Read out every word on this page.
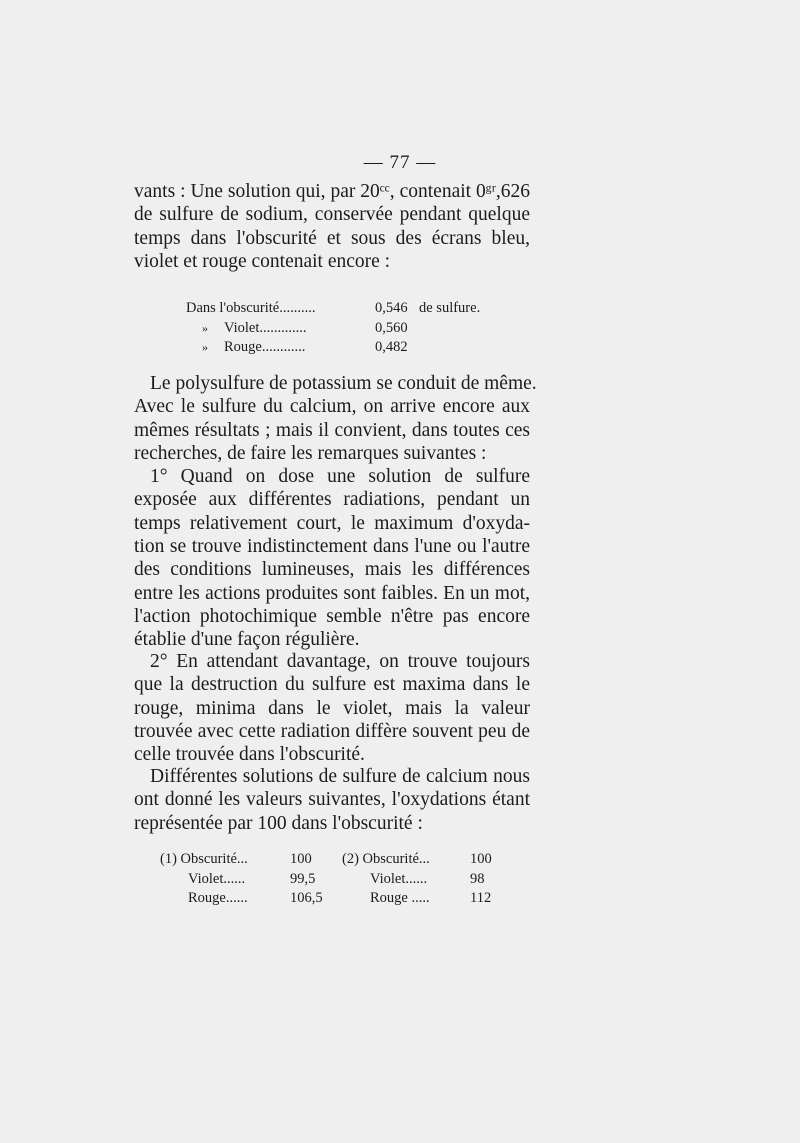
— 77 —
vants : Une solution qui, par 20ᶜᶜ, contenait 0ᵍʳ,626
de sulfure de sodium, conservée pendant quelque
temps dans l'obscurité et sous des écrans bleu,
violet et rouge contenait encore :
Dans l'obscurité..........	0,546 de sulfure.
» Violet.............	0,560
» Rouge............	0,482
Le polysulfure de potassium se conduit de même.
Avec le sulfure du calcium, on arrive encore aux
mêmes résultats ; mais il convient, dans toutes ces
recherches, de faire les remarques suivantes :
1° Quand on dose une solution de sulfure
exposée aux différentes radiations, pendant un
temps relativement court, le maximum d'oxyda-
tion se trouve indistinctement dans l'une ou l'autre
des conditions lumineuses, mais les différences
entre les actions produites sont faibles. En un mot,
l'action photochimique semble n'être pas encore
établie d'une façon régulière.
2° En attendant davantage, on trouve toujours
que la destruction du sulfure est maxima dans le
rouge, minima dans le violet, mais la valeur
trouvée avec cette radiation diffère souvent peu de
celle trouvée dans l'obscurité.
Différentes solutions de sulfure de calcium nous
ont donné les valeurs suivantes, l'oxydations étant
représentée par 100 dans l'obscurité :
(1) Obscurité...	100 (2) Obscurité...	100
Violet......	99,5	Violet......	98
Rouge......	106,5	Rouge .....	112
